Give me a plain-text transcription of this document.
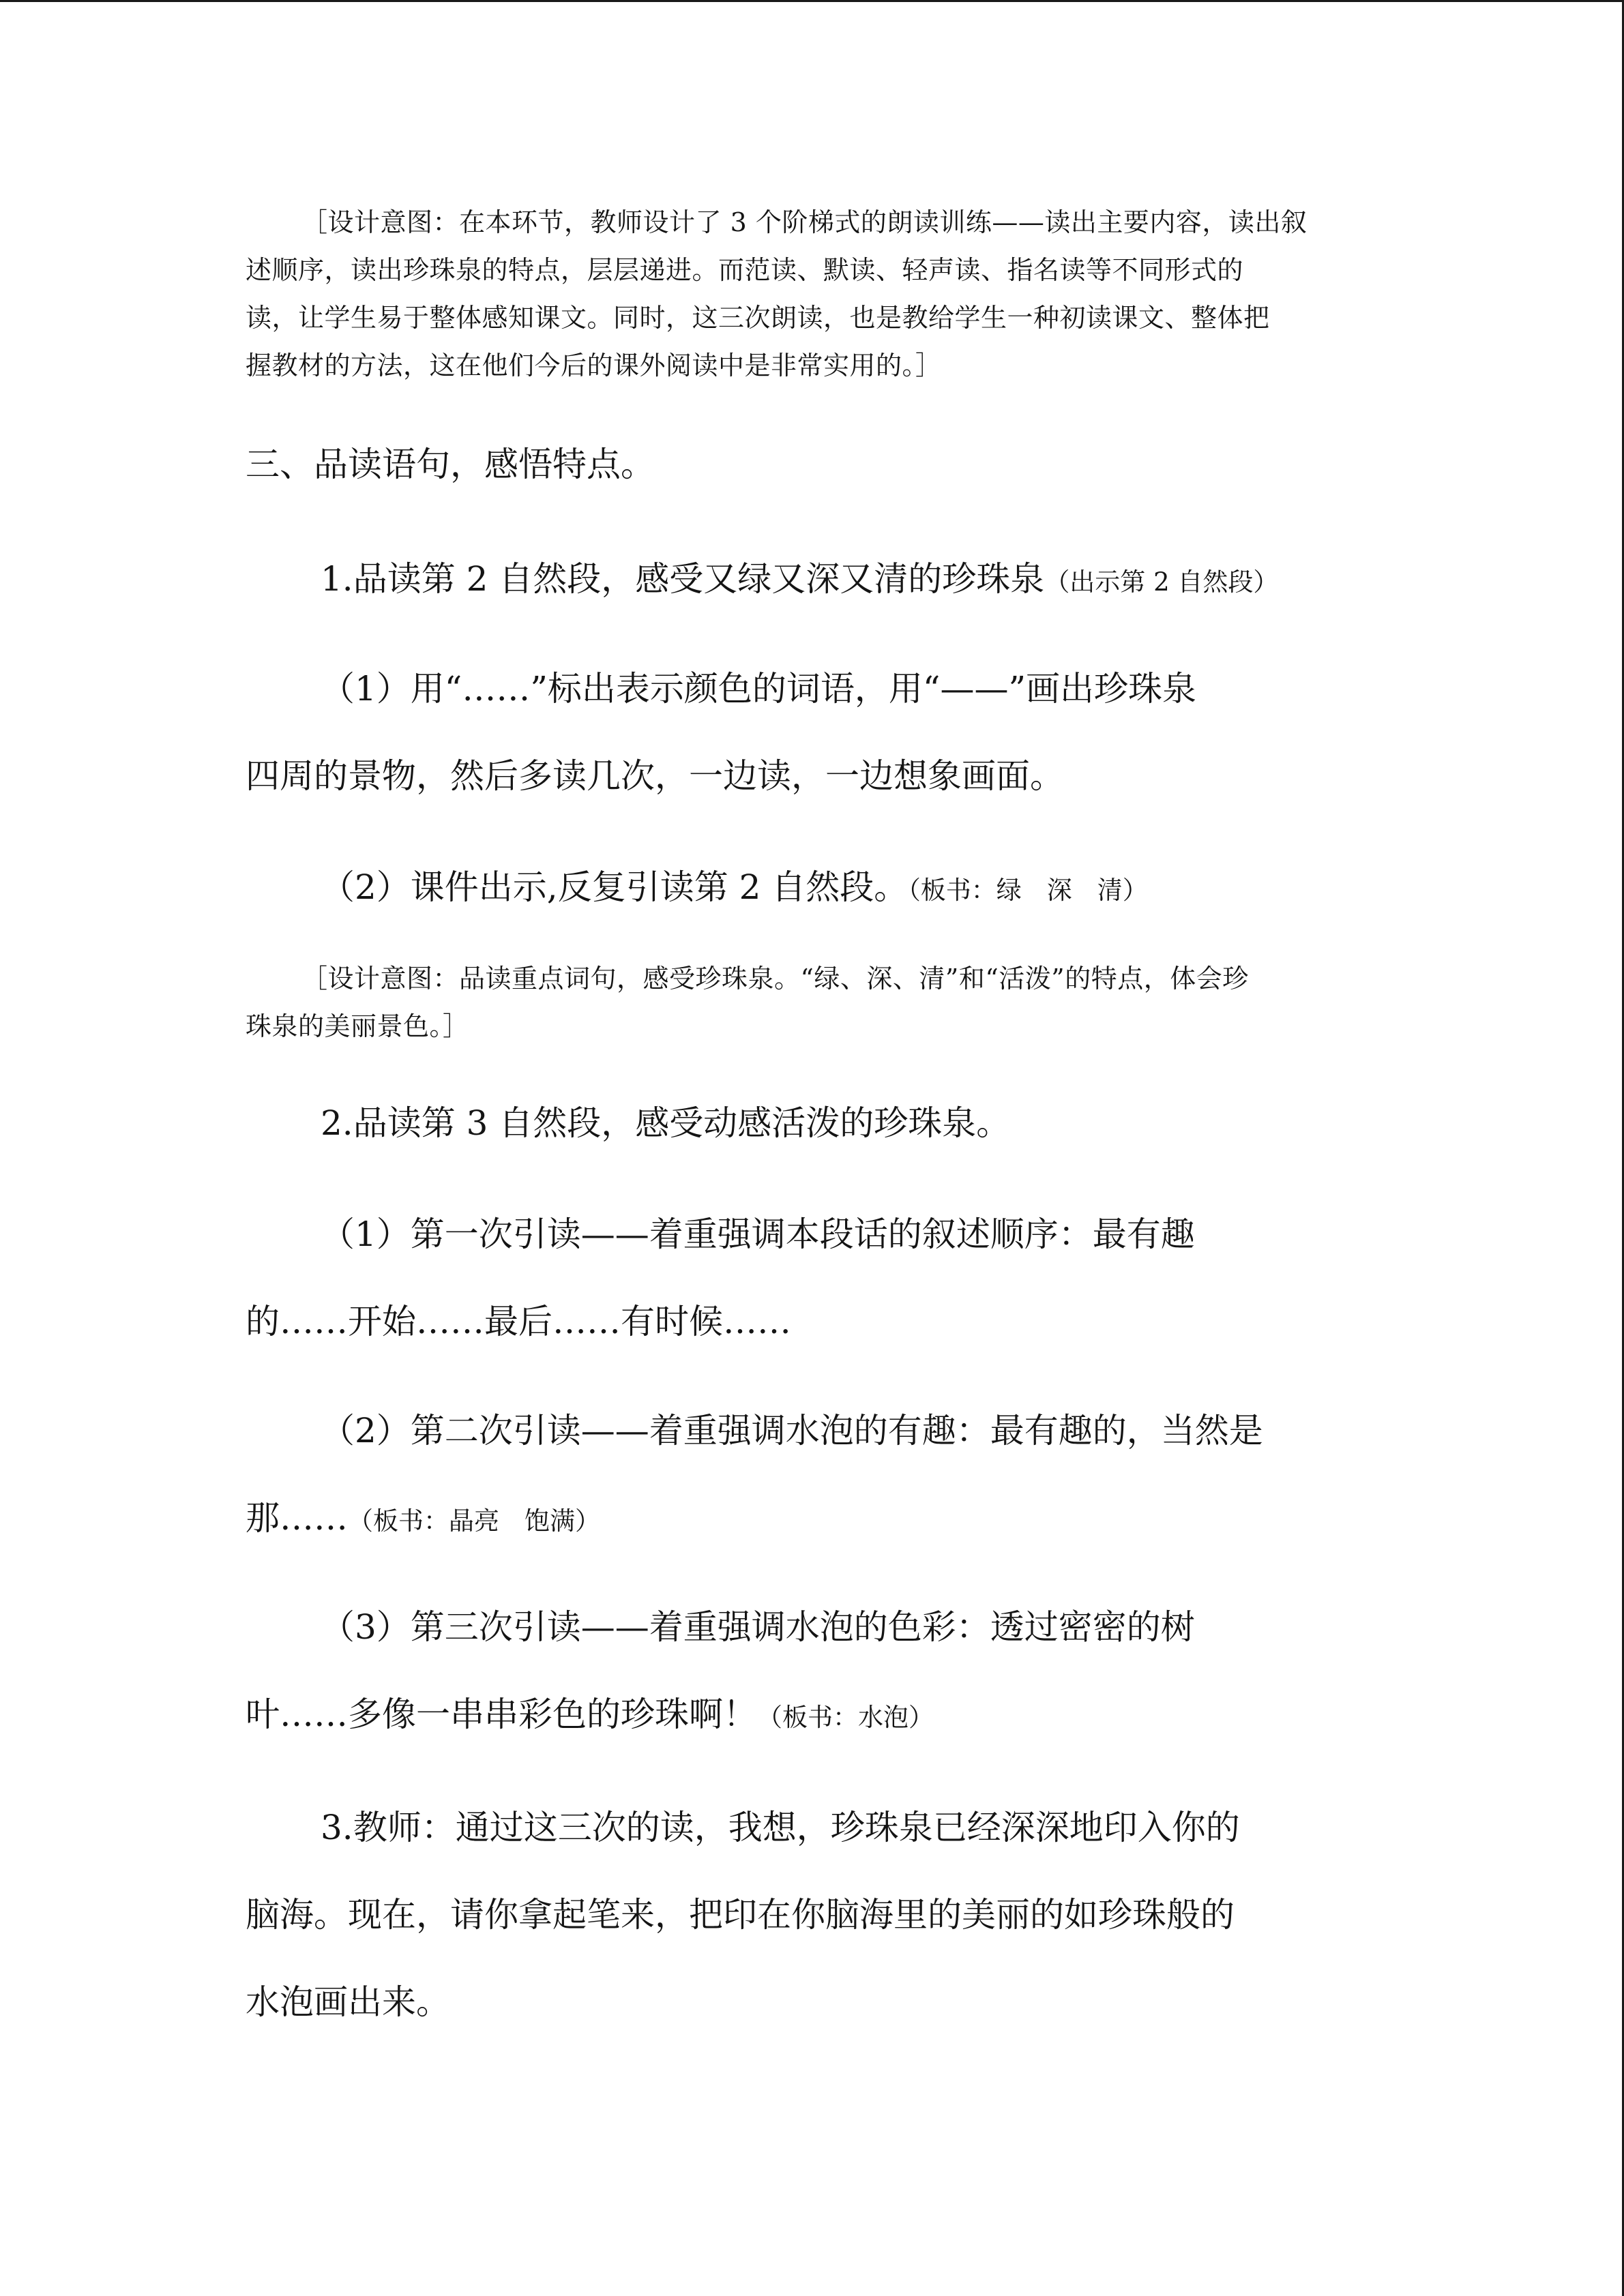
［设计意图：在本环节，教师设计了 3 个阶梯式的朗读训练——读出主要内容，读出叙
述顺序，读出珍珠泉的特点，层层递进。而范读、默读、轻声读、指名读等不同形式的
读，让学生易于整体感知课文。同时，这三次朗读，也是教给学生一种初读课文、整体把
握教材的方法，这在他们今后的课外阅读中是非常实用的。］
三、品读语句，感悟特点。
1.品读第 2 自然段，感受又绿又深又清的珍珠泉（出示第 2 自然段）
（1）用“……”标出表示颜色的词语，用“——”画出珍珠泉
四周的景物，然后多读几次，一边读，一边想象画面。
（2）课件出示,反复引读第 2 自然段。（板书：绿　深　清）
［设计意图：品读重点词句，感受珍珠泉。“绿、深、清”和“活泼”的特点，体会珍
珠泉的美丽景色。］
2.品读第 3 自然段，感受动感活泼的珍珠泉。
（1）第一次引读——着重强调本段话的叙述顺序：最有趣
的……开始……最后……有时候……
（2）第二次引读——着重强调水泡的有趣：最有趣的，当然是
那……（板书：晶亮　饱满）
（3）第三次引读——着重强调水泡的色彩：透过密密的树
叶……多像一串串彩色的珍珠啊！（板书：水泡）
3.教师：通过这三次的读，我想，珍珠泉已经深深地印入你的
脑海。现在，请你拿起笔来，把印在你脑海里的美丽的如珍珠般的
水泡画出来。
